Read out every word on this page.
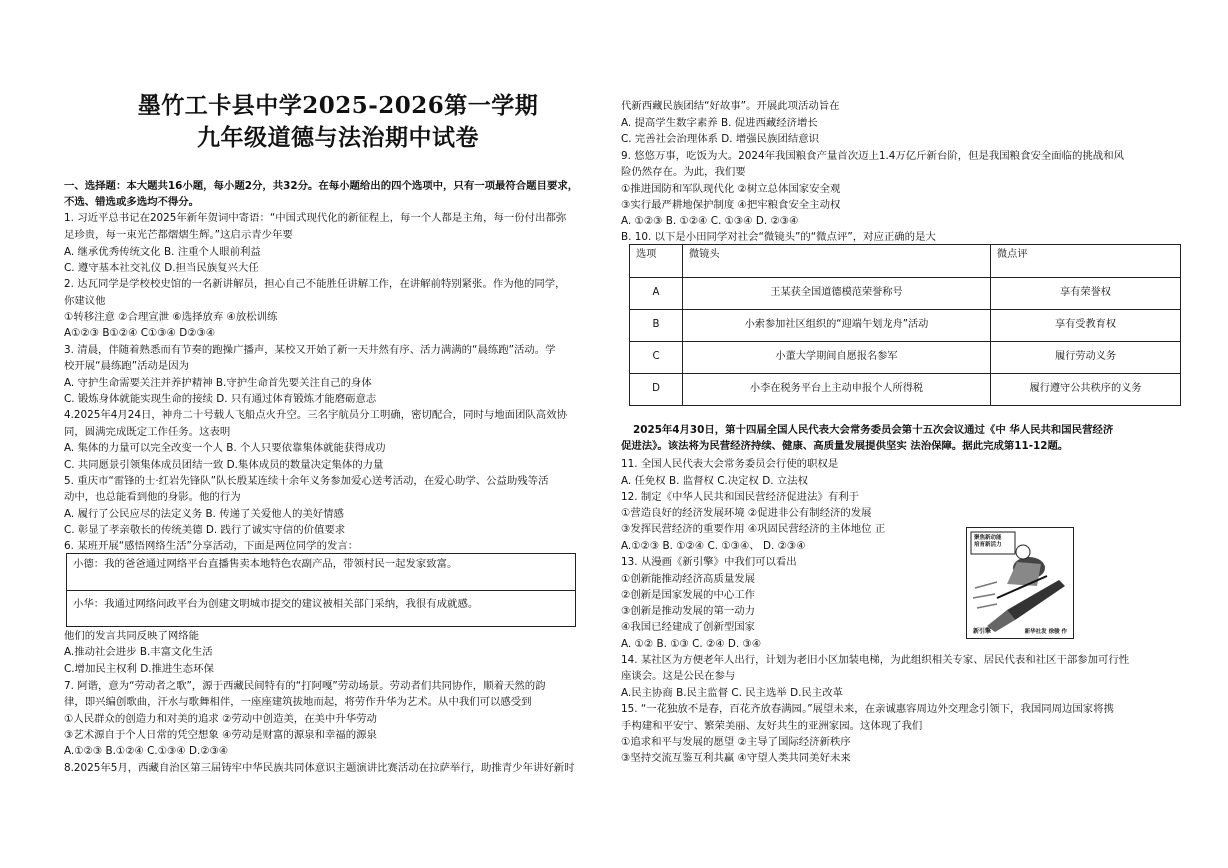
墨竹工卡县中学2025-2026第一学期
九年级道德与法治期中试卷
一、选择题：本大题共16小题，每小题2分，共32分。在每小题给出的四个选项中，只有一项最符合题目要求，
不选、错选或多选均不得分。
1. 习近平总书记在2025年新年贺词中寄语：“中国式现代化的新征程上，每一个人都是主角，每一份付出都弥
足珍贵，每一束光芒都熠熠生辉。”这启示青少年要
A. 继承优秀传统文化 B. 注重个人眼前利益
C. 遵守基本社交礼仪 D.担当民族复兴大任
2. 达瓦同学是学校校史馆的一名新讲解员，担心自己不能胜任讲解工作，在讲解前特别紧张。作为他的同学，
你建议他
①转移注意 ②合理宣泄 ⑥选择放弃 ④放松训练
A①②③ B①②④ C①③④ D②③④
3. 清晨，伴随着熟悉而有节奏的跑操广播声，某校又开始了新一天井然有序、活力满满的“晨练跑”活动。学
校开展“晨练跑”活动是因为
A. 守护生命需要关注并养护精神 B.守护生命首先要关注自己的身体
C. 锻炼身体就能实现生命的接续 D. 只有通过体育锻炼才能磨砺意志
4.2025年4月24日，神舟二十号载人飞船点火升空。三名宇航员分工明确，密切配合，同时与地面团队高效协
同，圆满完成既定工作任务。这表明
A. 集体的力量可以完全改变一个人 B. 个人只要依靠集体就能获得成功
C. 共同愿景引领集体成员团结一致 D.集体成员的数量决定集体的力量
5. 重庆市“雷锋的士·红岩先锋队”队长殷某连续十余年义务参加爱心送考活动，在爱心助学、公益助残等活
动中，也总能看到他的身影。他的行为
A. 履行了公民应尽的法定义务 B. 传递了关爱他人的美好情感
C. 彰显了孝亲敬长的传统美德 D. 践行了诚实守信的价值要求
6. 某班开展“感悟网络生活”分享活动，下面是两位同学的发言：
小德：我的爸爸通过网络平台直播售卖本地特色农副产品，带领村民一起发家致富。
小华：我通过网络问政平台为创建文明城市提交的建议被相关部门采纳，我很有成就感。
他们的发言共同反映了网络能
A.推动社会进步 B.丰富文化生活
C.增加民主权利 D.推进生态环保
7. 阿谐，意为“劳动者之歌”，源于西藏民间特有的“打阿嘎”劳动场景。劳动者们共同协作，顺着天然的韵
律，即兴编创歌曲，汗水与歌舞相伴，一座座建筑拔地而起，将劳作升华为艺术。从中我们可以感受到
①人民群众的创造力和对美的追求 ②劳动中创造美，在美中升华劳动
③艺术源自于个人日常的凭空想象 ④劳动是财富的源泉和幸福的源泉
A.①②③ B.①②④ C.①③④ D.②③④
8.2025年5月，西藏自治区第三届铸牢中华民族共同体意识主题演讲比赛活动在拉萨举行，助推青少年讲好新时
代新西藏民族团结“好故事”。开展此项活动旨在
A. 提高学生数字素养 B. 促进西藏经济增长
C. 完善社会治理体系 D. 增强民族团结意识
9. 悠悠万事，吃饭为大。2024年我国粮食产量首次迈上1.4万亿斤新台阶，但是我国粮食安全面临的挑战和风
险仍然存在。为此，我们要
①推进国防和军队现代化 ②树立总体国家安全观
③实行最严耕地保护制度 ④把牢粮食安全主动权
A. ①②③ B. ①②④ C. ①③④ D. ②③④
B. 10. 以下是小田同学对社会“微镜头”的“微点评”，对应正确的是大
选项	微镜头	微点评
A	王某获全国道德模范荣誉称号	享有荣誉权
B	小索参加社区组织的“迎端午划龙舟”活动	享有受教育权
C	小董大学期间自愿报名参军	履行劳动义务
D	小李在税务平台上主动申报个人所得税	履行遵守公共秩序的义务
2025年4月30日，第十四届全国人民代表大会常务委员会第十五次会议通过《中 华人民共和国民营经济
促进法》。该法将为民营经济持续、健康、高质量发展提供坚实 法治保障。据此完成第11-12题。
11. 全国人民代表大会常务委员会行使的职权是
A. 任免权 B. 监督权 C.决定权 D. 立法权
12. 制定《中华人民共和国民营经济促进法》有利于
①营造良好的经济发展环境 ②促进非公有制经济的发展
③发挥民营经济的重要作用 ④巩固民营经济的主体地位 正
A.①②③ B. ①②④ C. ①③④、 D. ②③④
13. 从漫画《新引擎》中我们可以看出
①创新能推动经济高质量发展
②创新是国家发展的中心工作
③创新是推动发展的第一动力
④我国已经建成了创新型国家
A. ①② B. ①③ C. ②④ D. ③④
14. 某社区为方便老年人出行，计划为老旧小区加装电梯，为此组织相关专家、居民代表和社区干部参加可行性
座谈会。这是公民在参与
A.民主协商 B.民主监督 C. 民主选举 D.民主改革
15. “一花独放不是春，百花齐放春满园。”展望未来，在亲诚惠容周边外交理念引领下，我国同周边国家将携
手构建和平安宁、繁荣美丽、友好共生的亚洲家园。这体现了我们
①追求和平与发展的愿望 ②主导了国际经济新秩序
③坚持交流互鉴互利共赢 ④守望人类共同美好未来
聚焦新动能
培育新活力
新引擎	新华社发 徐骏 作
